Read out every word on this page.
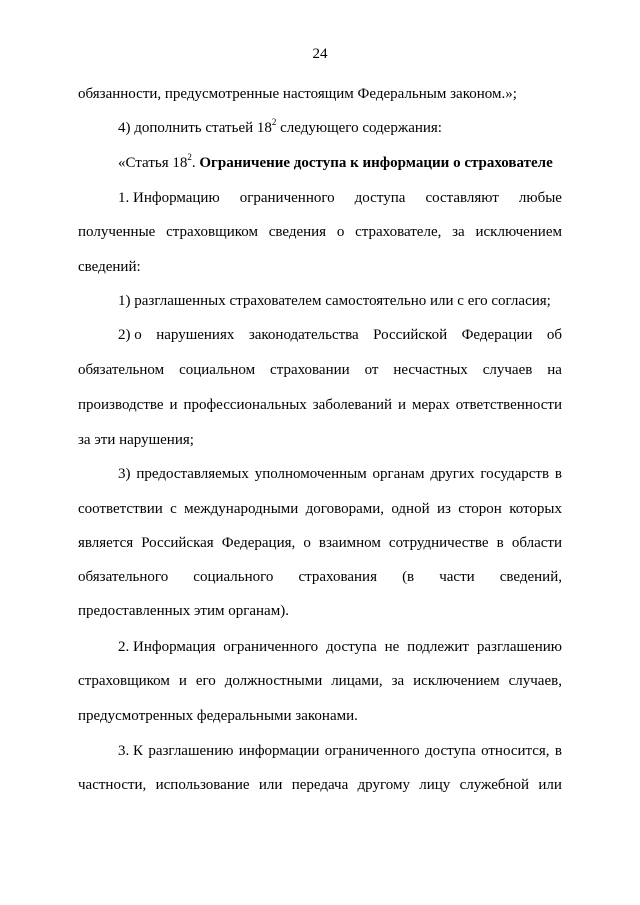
24
обязанности, предусмотренные настоящим Федеральным законом.»;
4) дополнить статьей $18^2$ следующего содержания:
«Статья $18^2$. Ограничение доступа к информации о страхователе
1. Информацию ограниченного доступа составляют любые
полученные страховщиком сведения о страхователе, за исключением
сведений:
1) разглашенных страхователем самостоятельно или с его согласия;
2) о нарушениях законодательства Российской Федерации об
обязательном социальном страховании от несчастных случаев на
производстве и профессиональных заболеваний и мерах ответственности
за эти нарушения;
3) предоставляемых уполномоченным органам других государств в
соответствии с международными договорами, одной из сторон которых
является Российская Федерация, о взаимном сотрудничестве в области
обязательного социального страхования (в части сведений,
предоставленных этим органам).
2. Информация ограниченного доступа не подлежит разглашению
страховщиком и его должностными лицами, за исключением случаев,
предусмотренных федеральными законами.
3. К разглашению информации ограниченного доступа относится, в
частности, использование или передача другому лицу служебной или
